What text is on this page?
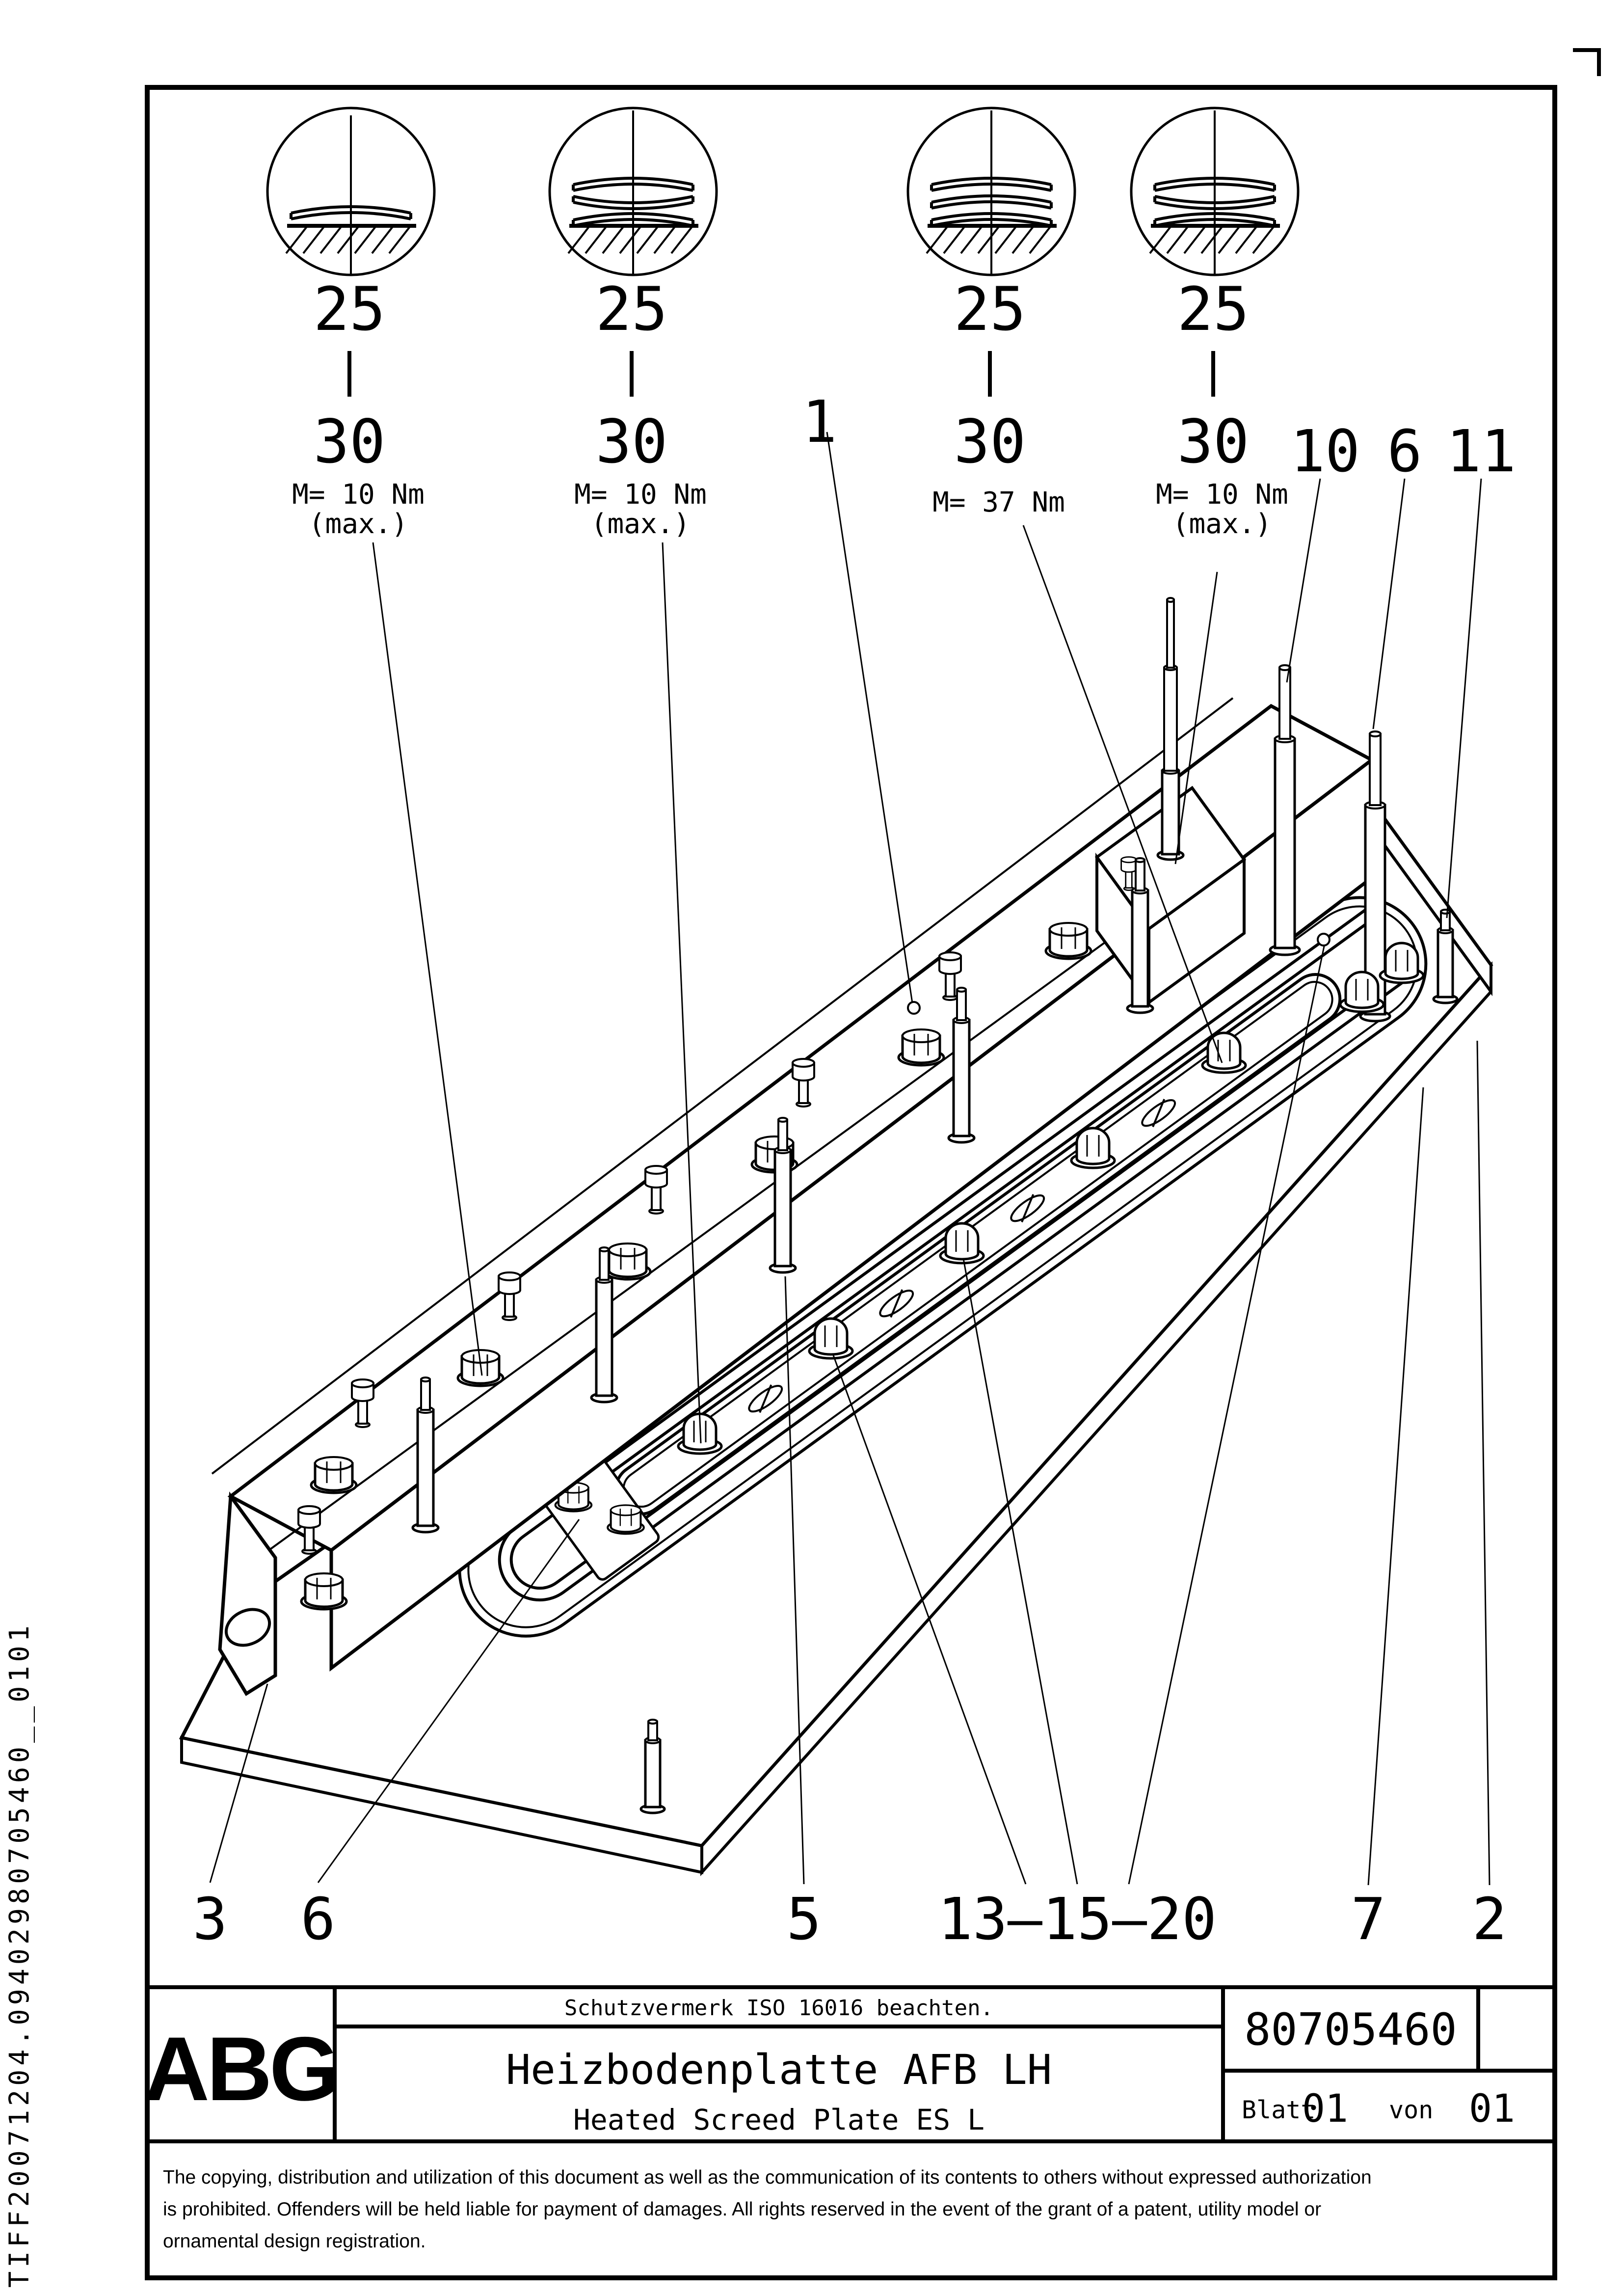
25
30
M= 10 Nm
(max.)
25
30
M= 10 Nm
(max.)
25
30
M= 37 Nm
25
30
M= 10 Nm
(max.)
1	10 6 11
3 6	5 13–15–20 7 2
ABG
Schutzvermerk ISO 16016 beachten.
Heizbodenplatte AFB LH
Heated Screed Plate ES L
80705460
Blatt
01 von 01
The copying, distribution and utilization of this document as well as the communication of its contents to others without expressed authorization
is prohibited. Offenders will be held liable for payment of damages. All rights reserved in the event of the grant of a patent, utility model or
ornamental design registration.
TIFF20071204.09402980705460__0101
